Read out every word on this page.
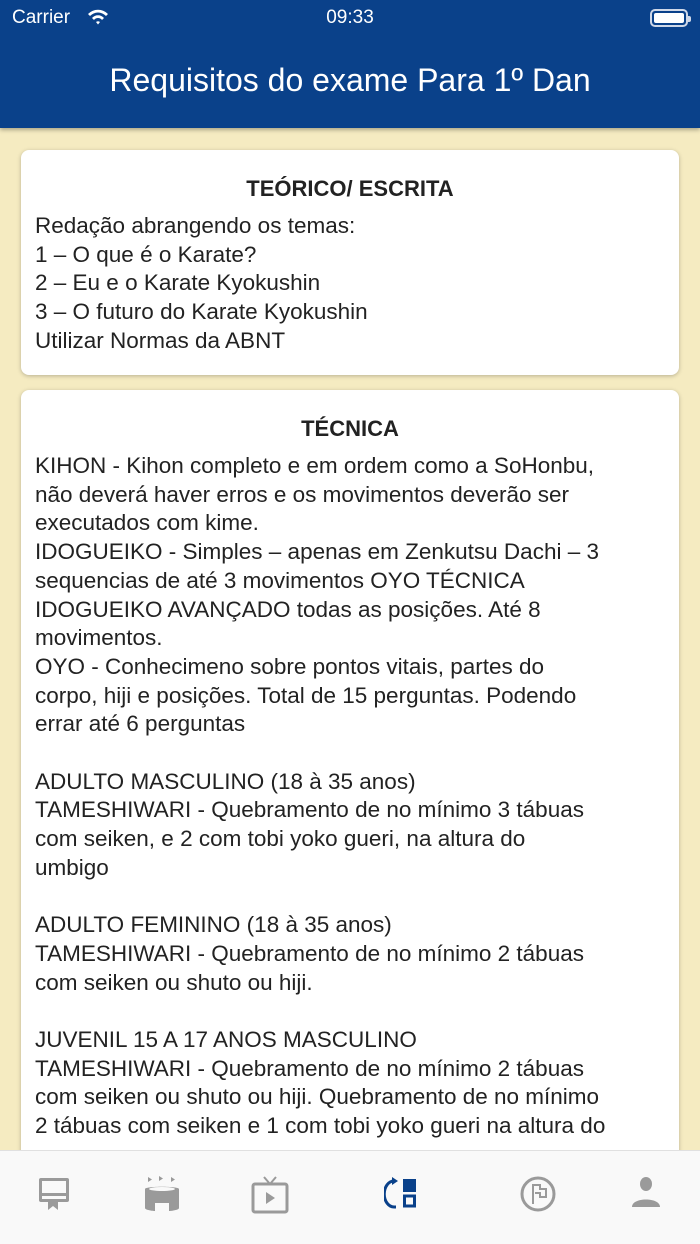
Carrier	09:33
Requisitos do exame Para 1º Dan
TEÓRICO/ ESCRITA
Redação abrangendo os temas:
1 – O que é o Karate?
2 – Eu e o Karate Kyokushin
3 – O futuro do Karate Kyokushin
Utilizar Normas da ABNT
TÉCNICA
KIHON - Kihon completo e em ordem como a SoHonbu,
não deverá haver erros e os movimentos deverão ser
executados com kime.
IDOGUEIKO - Simples – apenas em Zenkutsu Dachi – 3
sequencias de até 3 movimentos OYO TÉCNICA
IDOGUEIKO AVANÇADO todas as posições. Até 8
movimentos.
OYO - Conhecimeno sobre pontos vitais, partes do
corpo, hiji e posições. Total de 15 perguntas. Podendo
errar até 6 perguntas
ADULTO MASCULINO (18 à 35 anos)
TAMESHIWARI - Quebramento de no mínimo 3 tábuas
com seiken, e 2 com tobi yoko gueri, na altura do
umbigo
ADULTO FEMININO (18 à 35 anos)
TAMESHIWARI - Quebramento de no mínimo 2 tábuas
com seiken ou shuto ou hiji.
JUVENIL 15 A 17 ANOS MASCULINO
TAMESHIWARI - Quebramento de no mínimo 2 tábuas
com seiken ou shuto ou hiji. Quebramento de no mínimo
2 tábuas com seiken e 1 com tobi yoko gueri na altura do
